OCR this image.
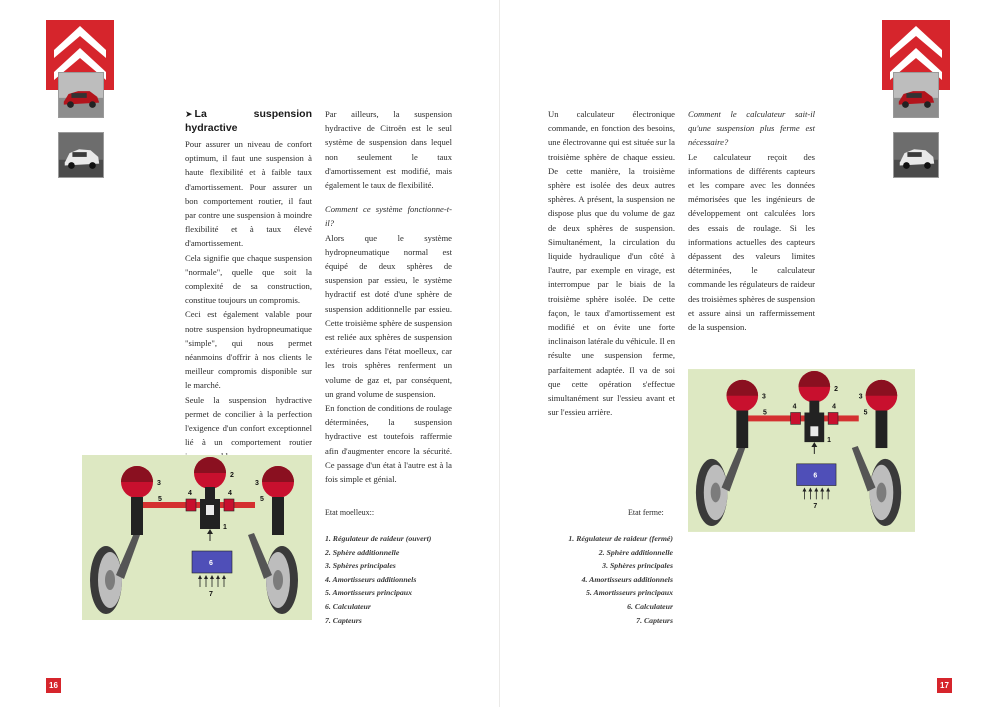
➤ La suspension hydractive

Pour assurer un niveau de confort optimum, il faut une suspension à haute flexibilité et à faible taux d'amortissement. Pour assurer un bon comportement routier, il faut par contre une suspension à moindre flexibilité et à taux élevé d'amortissement.

Cela signifie que chaque suspension "normale", quelle que soit la complexité de sa construction, constitue toujours un compromis.

Ceci est également valable pour notre suspension hydropneumatique "simple", qui nous permet néanmoins d'offrir à nos clients le meilleur compromis disponible sur le marché.

Seule la suspension hydractive permet de concilier à la perfection l'exigence d'un confort exceptionnel lié à un comportement routier

Par ailleurs, la suspension hydractive de Citroën est le seul système de suspension dans lequel non seulement le taux d'amortissement est modifié, mais également le taux de flexibilité.

Comment ce système fonctionne-t-il?

Alors que le système hydropneumatique normal est équipé de deux sphères de suspension par essieu, le système hydractif est doté d'une sphère de suspension additionnelle par essieu. Cette troisième sphère de suspension est reliée aux sphères de suspension extérieures dans l'état moelleux, car les trois sphères renferment un volume de gaz et, par conséquent, un grand volume de suspension.

En fonction de conditions de roulage déterminées, la suspension hydractive est toutefois raffermie afin d'augmenter encore la sécurité. Ce passage d'un état à l'autre est à la fois simple et génial.

3
2
3
4	4
5	5
1
6
7
Etat moelleux::
1. Régulateur de raideur (ouvert)
2. Sphère additionnelle
3. Sphères principales
4. Amortisseurs additionnels
5. Amortisseurs principaux
6. Calculateur
7. Capteurs
16

Un calculateur électronique commande, en fonction des besoins, une électrovanne qui est située sur la troisième sphère de chaque essieu. De cette manière, la troisième sphère est isolée des deux autres sphères. A présent, la suspension ne dispose plus que du volume de gaz de deux sphères de suspension. Simultanément, la circulation du liquide hydraulique d'un côté à l'autre, par exemple en virage, est interrompue par le biais de la troisième sphère isolée. De cette façon, le taux d'amortissement est modifié et on évite une forte inclinaison latérale du véhicule. Il en résulte une suspension ferme, parfaitement adaptée. Il va de soi que cette opération s'effectue simultanément sur l'essieu avant et sur l'essieu arrière.

Comment le calculateur sait-il qu'une suspension plus ferme est nécessaire?

Le calculateur reçoit des informations de différents capteurs et les compare avec les données mémorisées que les ingénieurs de développement ont calculées lors des essais de roulage. Si les informations actuelles des capteurs dépassent des valeurs limites déterminées, le calculateur commande les régulateurs de raideur des troisièmes sphères de suspension et assure ainsi un raffermissement de la suspension.

3
2
3
4	4
5	5
1
6
7
Etat ferme:
1. Régulateur de raideur (fermé)
2. Sphère additionnelle
3. Sphères principales
4. Amortisseurs additionnels
5. Amortisseurs principaux
6. Calculateur
7. Capteurs
17
